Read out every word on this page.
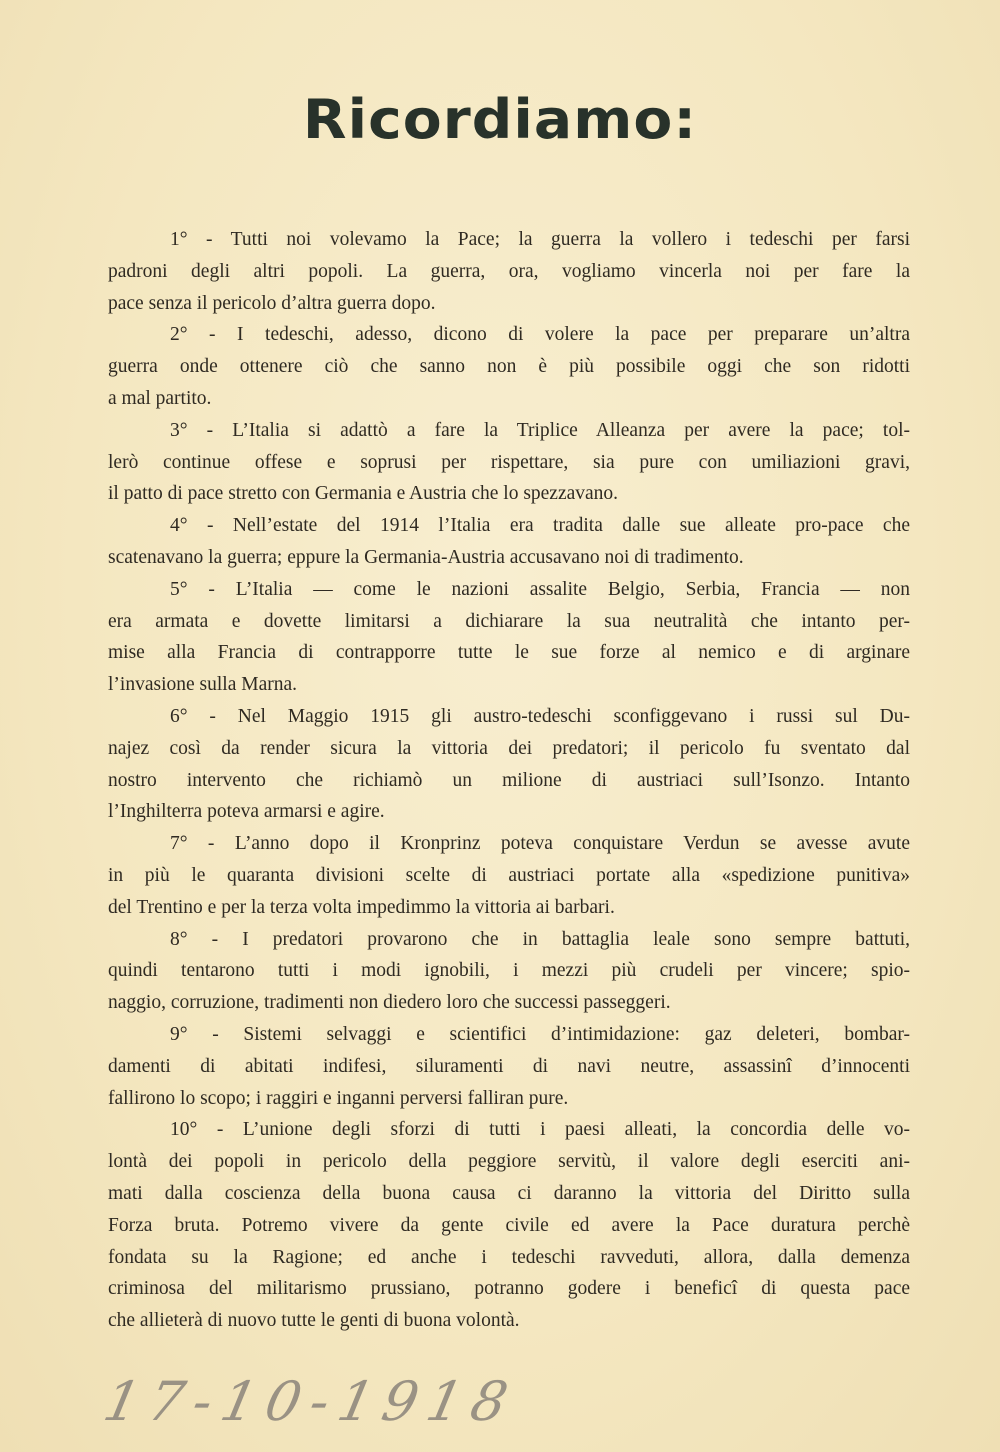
Ricordiamo:
1° - Tutti noi volevamo la Pace; la guerra la vollero i tedeschi per farsi
padroni degli altri popoli. La guerra, ora, vogliamo vincerla noi per fare la
pace senza il pericolo d’altra guerra dopo.
2° - I tedeschi, adesso, dicono di volere la pace per preparare un’altra
guerra onde ottenere ciò che sanno non è più possibile oggi che son ridotti
a mal partito.
3° - L’Italia si adattò a fare la Triplice Alleanza per avere la pace; tol-
lerò continue offese e soprusi per rispettare, sia pure con umiliazioni gravi,
il patto di pace stretto con Germania e Austria che lo spezzavano.
4° - Nell’estate del 1914 l’Italia era tradita dalle sue alleate pro-pace che
scatenavano la guerra; eppure la Germania-Austria accusavano noi di tradimento.
5° - L’Italia — come le nazioni assalite Belgio, Serbia, Francia — non
era armata e dovette limitarsi a dichiarare la sua neutralità che intanto per-
mise alla Francia di contrapporre tutte le sue forze al nemico e di arginare
l’invasione sulla Marna.
6° - Nel Maggio 1915 gli austro-tedeschi sconfiggevano i russi sul Du-
najez così da render sicura la vittoria dei predatori; il pericolo fu sventato dal
nostro intervento che richiamò un milione di austriaci sull’Isonzo. Intanto
l’Inghilterra poteva armarsi e agire.
7° - L’anno dopo il Kronprinz poteva conquistare Verdun se avesse avute
in più le quaranta divisioni scelte di austriaci portate alla «spedizione punitiva»
del Trentino e per la terza volta impedimmo la vittoria ai barbari.
8° - I predatori provarono che in battaglia leale sono sempre battuti,
quindi tentarono tutti i modi ignobili, i mezzi più crudeli per vincere; spio-
naggio, corruzione, tradimenti non diedero loro che successi passeggeri.
9° - Sistemi selvaggi e scientifici d’intimidazione: gaz deleteri, bombar-
damenti di abitati indifesi, siluramenti di navi neutre, assassinî d’innocenti
fallirono lo scopo; i raggiri e inganni perversi falliran pure.
10° - L’unione degli sforzi di tutti i paesi alleati, la concordia delle vo-
lontà dei popoli in pericolo della peggiore servitù, il valore degli eserciti ani-
mati dalla coscienza della buona causa ci daranno la vittoria del Diritto sulla
Forza bruta. Potremo vivere da gente civile ed avere la Pace duratura perchè
fondata su la Ragione; ed anche i tedeschi ravveduti, allora, dalla demenza
criminosa del militarismo prussiano, potranno godere i beneficî di questa pace
che allieterà di nuovo tutte le genti di buona volontà.
17-10-1918
